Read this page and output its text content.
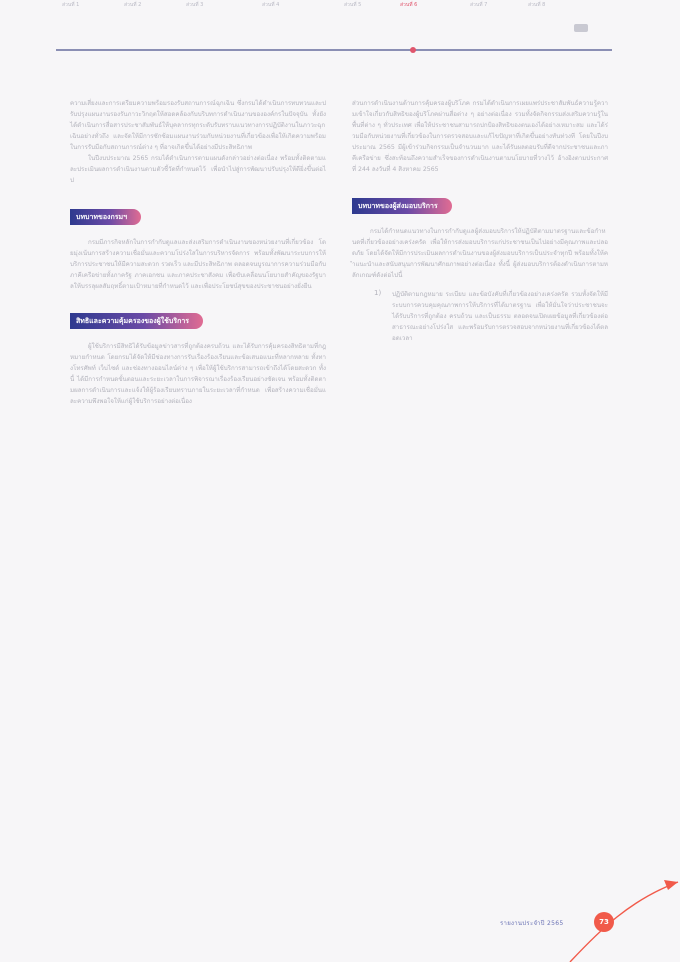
ส่วนที่ 1	ส่วนที่ 2	ส่วนที่ 3	ส่วนที่ 4	ส่วนที่ 5	ส่วนที่ 6	ส่วนที่ 7	ส่วนที่ 8

ความเสี่ยงและการเตรียมความพร้อมรองรับสถานการณ์ฉุกเฉิน ซึ่งกรมได้ดำเนินการทบทวนและปรับปรุงแผนงานรองรับภาวะวิกฤตให้สอดคล้องกับบริบทการดำเนินงานขององค์กรในปัจจุบัน ทั้งยังได้ดำเนินการสื่อสารประชาสัมพันธ์ให้บุคลากรทุกระดับรับทราบแนวทางการปฏิบัติงานในภาวะฉุกเฉินอย่างทั่วถึง และจัดให้มีการซักซ้อมแผนงานร่วมกับหน่วยงานที่เกี่ยวข้องเพื่อให้เกิดความพร้อมในการรับมือกับสถานการณ์ต่าง ๆ ที่อาจเกิดขึ้นได้อย่างมีประสิทธิภาพ

ในปีงบประมาณ 2565 กรมได้ดำเนินการตามแผนดังกล่าวอย่างต่อเนื่อง พร้อมทั้งติดตามและประเมินผลการดำเนินงานตามตัวชี้วัดที่กำหนดไว้ เพื่อนำไปสู่การพัฒนาปรับปรุงให้ดียิ่งขึ้นต่อไป

บทบาทของกรมฯ

กรมมีภารกิจหลักในการกำกับดูแลและส่งเสริมการดำเนินงานของหน่วยงานที่เกี่ยวข้อง โดยมุ่งเน้นการสร้างความเชื่อมั่นและความโปร่งใสในการบริหารจัดการ พร้อมทั้งพัฒนาระบบการให้บริการประชาชนให้มีความสะดวก รวดเร็ว และมีประสิทธิภาพ ตลอดจนบูรณาการความร่วมมือกับภาคีเครือข่ายทั้งภาครัฐ ภาคเอกชน และภาคประชาสังคม เพื่อขับเคลื่อนนโยบายสำคัญของรัฐบาลให้บรรลุผลสัมฤทธิ์ตามเป้าหมายที่กำหนดไว้ และเพื่อประโยชน์สุขของประชาชนอย่างยั่งยืน

สิทธิและความคุ้มครองของผู้ใช้บริการ

ผู้ใช้บริการมีสิทธิได้รับข้อมูลข่าวสารที่ถูกต้องครบถ้วน และได้รับการคุ้มครองสิทธิตามที่กฎหมายกำหนด โดยกรมได้จัดให้มีช่องทางการรับเรื่องร้องเรียนและข้อเสนอแนะที่หลากหลาย ทั้งทางโทรศัพท์ เว็บไซต์ และช่องทางออนไลน์ต่าง ๆ เพื่อให้ผู้ใช้บริการสามารถเข้าถึงได้โดยสะดวก ทั้งนี้ ได้มีการกำหนดขั้นตอนและระยะเวลาในการพิจารณาเรื่องร้องเรียนอย่างชัดเจน พร้อมทั้งติดตามผลการดำเนินการและแจ้งให้ผู้ร้องเรียนทราบภายในระยะเวลาที่กำหนด เพื่อสร้างความเชื่อมั่นและความพึงพอใจให้แก่ผู้ใช้บริการอย่างต่อเนื่อง

ส่วนการดำเนินงานด้านการคุ้มครองผู้บริโภค กรมได้ดำเนินการเผยแพร่ประชาสัมพันธ์ความรู้ความเข้าใจเกี่ยวกับสิทธิของผู้บริโภคผ่านสื่อต่าง ๆ อย่างต่อเนื่อง รวมทั้งจัดกิจกรรมส่งเสริมความรู้ในพื้นที่ต่าง ๆ ทั่วประเทศ เพื่อให้ประชาชนสามารถปกป้องสิทธิของตนเองได้อย่างเหมาะสม และได้ร่วมมือกับหน่วยงานที่เกี่ยวข้องในการตรวจสอบและแก้ไขปัญหาที่เกิดขึ้นอย่างทันท่วงที โดยในปีงบประมาณ 2565 มีผู้เข้าร่วมกิจกรรมเป็นจำนวนมาก และได้รับผลตอบรับที่ดีจากประชาชนและภาคีเครือข่าย ซึ่งสะท้อนถึงความสำเร็จของการดำเนินงานตามนโยบายที่วางไว้ อ้างอิงตามประกาศที่ 244 ลงวันที่ 4 สิงหาคม 2565

บทบาทของผู้ส่งมอบบริการ

กรมได้กำหนดแนวทางในการกำกับดูแลผู้ส่งมอบบริการให้ปฏิบัติตามมาตรฐานและข้อกำหนดที่เกี่ยวข้องอย่างเคร่งครัด เพื่อให้การส่งมอบบริการแก่ประชาชนเป็นไปอย่างมีคุณภาพและปลอดภัย โดยได้จัดให้มีการประเมินผลการดำเนินงานของผู้ส่งมอบบริการเป็นประจำทุกปี พร้อมทั้งให้คำแนะนำและสนับสนุนการพัฒนาศักยภาพอย่างต่อเนื่อง ทั้งนี้ ผู้ส่งมอบบริการต้องดำเนินการตามหลักเกณฑ์ดังต่อไปนี้

1) ปฏิบัติตามกฎหมาย ระเบียบ และข้อบังคับที่เกี่ยวข้องอย่างเคร่งครัด รวมทั้งจัดให้มีระบบการควบคุมคุณภาพการให้บริการที่ได้มาตรฐาน เพื่อให้มั่นใจว่าประชาชนจะได้รับบริการที่ถูกต้อง ครบถ้วน และเป็นธรรม ตลอดจนเปิดเผยข้อมูลที่เกี่ยวข้องต่อสาธารณะอย่างโปร่งใส และพร้อมรับการตรวจสอบจากหน่วยงานที่เกี่ยวข้องได้ตลอดเวลา

รายงานประจำปี 2565	73
